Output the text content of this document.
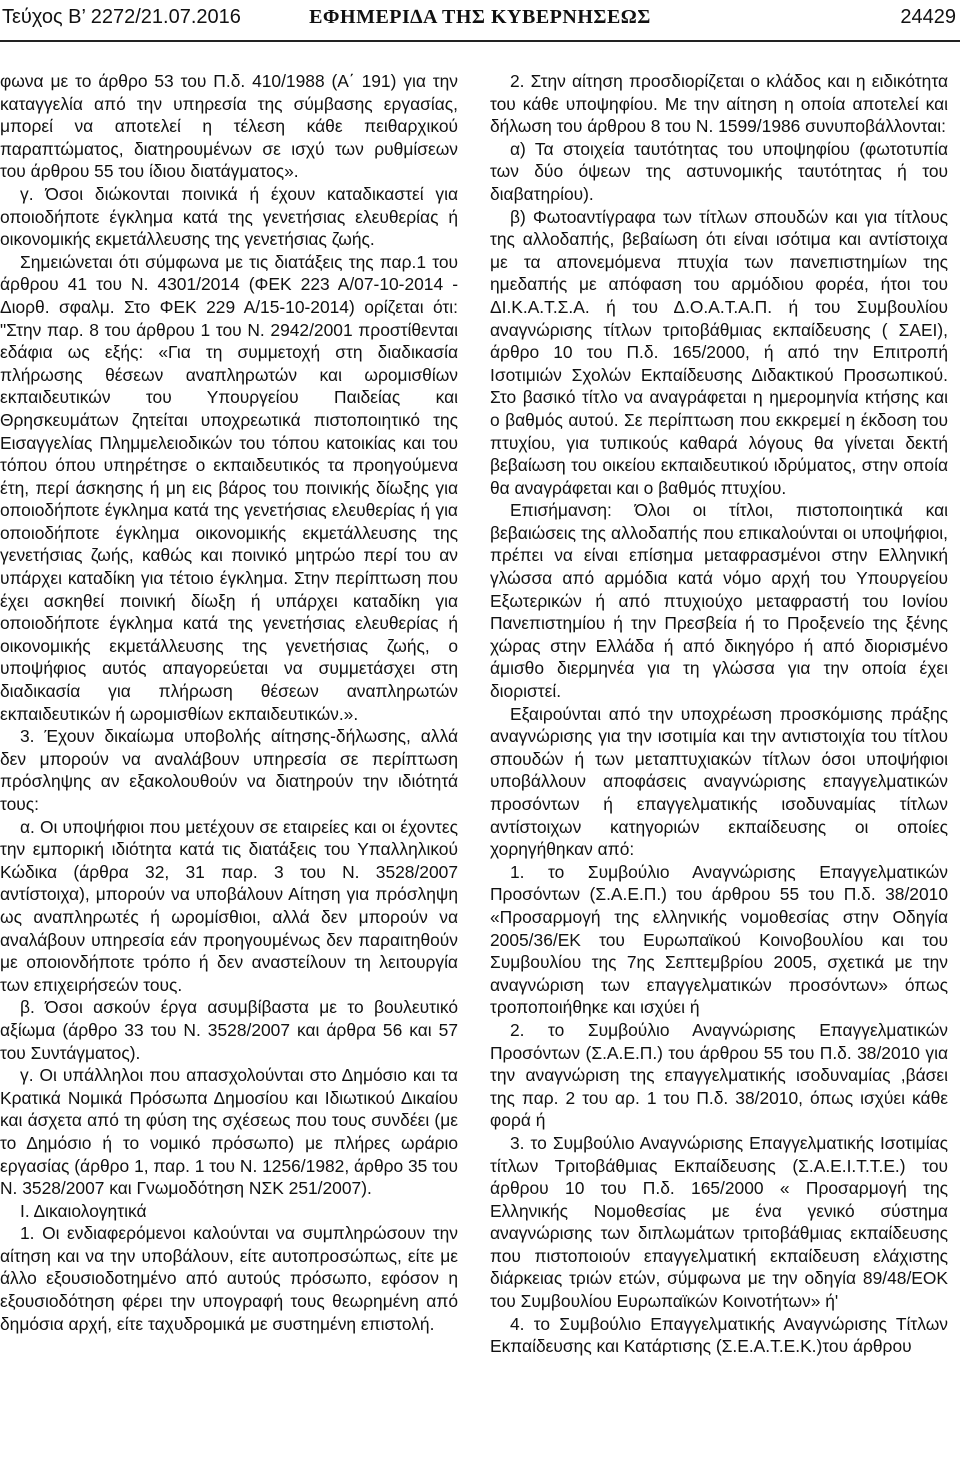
Τεύχος Β’ 2272/21.07.2016	ΕΦΗΜΕΡΙ∆Α ΤΗΣ ΚΥΒΕΡΝΗΣΕΩΣ	24429

φωνα με το άρθρο 53 του Π.δ. 410/1988 (Α΄ 191) για την καταγγελία από την υπηρεσία της σύμβασης εργασίας, μπορεί να αποτελεί η τέλεση κάθε πειθαρχικού παραπτώματος, διατηρουμένων σε ισχύ των ρυθμίσεων του άρθρου 55 του ίδιου διατάγματος».

γ. Όσοι διώκονται ποινικά ή έχουν καταδικαστεί για οποιοδήποτε έγκλημα κατά της γενετήσιας ελευθερίας ή οικονομικής εκμετάλλευσης της γενετήσιας ζωής.

Σημειώνεται ότι σύμφωνα με τις διατάξεις της παρ.1 του άρθρου 41 του Ν. 4301/2014 (ΦΕΚ 223 Α/07-10-2014 - Διορθ. σφαλμ. Στο ΦΕΚ 229 Α/15-10-2014) ορίζεται ότι: "Στην παρ. 8 του άρθρου 1 του Ν. 2942/2001 προστίθενται εδάφια ως εξής: «Για τη συμμετοχή στη διαδικασία πλήρωσης θέσεων αναπληρωτών και ωρομισθίων εκπαιδευτικών του Υπουργείου Παιδείας και Θρησκευμάτων ζητείται υποχρεωτικά πιστοποιητικό της Εισαγγελίας Πλημμελειοδικών του τόπου κατοικίας και του τόπου όπου υπηρέτησε ο εκπαιδευτικός τα προηγούμενα έτη, περί άσκησης ή μη εις βάρος του ποινικής δίωξης για οποιοδήποτε έγκλημα κατά της γενετήσιας ελευθερίας ή για οποιοδήποτε έγκλημα οικονομικής εκμετάλλευσης της γενετήσιας ζωής, καθώς και ποινικό μητρώο περί του αν υπάρχει καταδίκη για τέτοιο έγκλημα. Στην περίπτωση που έχει ασκηθεί ποινική δίωξη ή υπάρχει καταδίκη για οποιοδήποτε έγκλημα κατά της γενετήσιας ελευθερίας ή οικονομικής εκμετάλλευσης της γενετήσιας ζωής, ο υποψήφιος αυτός απαγορεύεται να συμμετάσχει στη διαδικασία για πλήρωση θέσεων αναπληρωτών εκπαιδευτικών ή ωρομισθίων εκπαιδευτικών.».

3. Έχουν δικαίωμα υποβολής αίτησης-δήλωσης, αλλά δεν μπορούν να αναλάβουν υπηρεσία σε περίπτωση πρόσληψης αν εξακολουθούν να διατηρούν την ιδιότητά τους:

α. Οι υποψήφιοι που μετέχουν σε εταιρείες και οι έχοντες την εμπορική ιδιότητα κατά τις διατάξεις του Υπαλληλικού Κώδικα (άρθρα 32, 31 παρ. 3 του Ν. 3528/2007 αντίστοιχα), μπορούν να υποβάλουν Αίτηση για πρόσληψη ως αναπληρωτές ή ωρομίσθιοι, αλλά δεν μπορούν να αναλάβουν υπηρεσία εάν προηγουμένως δεν παραιτηθούν με οποιονδήποτε τρόπο ή δεν αναστείλουν τη λειτουργία των επιχειρήσεών τους.

β. Όσοι ασκούν έργα ασυμβίβαστα με το βουλευτικό αξίωμα (άρθρο 33 του Ν. 3528/2007 και άρθρα 56 και 57 του Συντάγματος).

γ. Οι υπάλληλοι που απασχολούνται στο Δημόσιο και τα Κρατικά Νομικά Πρόσωπα Δημοσίου και Ιδιωτικού Δικαίου και άσχετα από τη φύση της σχέσεως που τους συνδέει (με το Δημόσιο ή το νομικό πρόσωπο) με πλήρες ωράριο εργασίας (άρθρο 1, παρ. 1 του Ν. 1256/1982, άρθρο 35 του Ν. 3528/2007 και Γνωμοδότηση ΝΣΚ 251/2007).

Ι. Δικαιολογητικά

1. Οι ενδιαφερόμενοι καλούνται να συμπληρώσουν την αίτηση και να την υποβάλουν, είτε αυτοπροσώπως, είτε με άλλο εξουσιοδοτημένο από αυτούς πρόσωπο, εφόσον η εξουσιοδότηση φέρει την υπογραφή τους θεωρημένη από δημόσια αρχή, είτε ταχυδρομικά με συστημένη επιστολή.

2. Στην αίτηση προσδιορίζεται ο κλάδος και η ειδικότητα του κάθε υποψηφίου. Με την αίτηση η οποία αποτελεί και δήλωση του άρθρου 8 του Ν. 1599/1986 συνυποβάλλονται:

α) Τα στοιχεία ταυτότητας του υποψηφίου (φωτοτυπία των δύο όψεων της αστυνομικής ταυτότητας ή του διαβατηρίου).

β) Φωτοαντίγραφα των τίτλων σπουδών και για τίτλους της αλλοδαπής, βεβαίωση ότι είναι ισότιμα και αντίστοιχα με τα απονεμόμενα πτυχία των πανεπιστημίων της ημεδαπής με απόφαση του αρμόδιου φορέα, ήτοι του ΔΙ.Κ.Α.Τ.Σ.Α. ή του Δ.Ο.Α.Τ.Α.Π. ή του Συμβουλίου αναγνώρισης τίτλων τριτοβάθμιας εκπαίδευσης ( ΣΑΕΙ), άρθρο 10 του Π.δ. 165/2000, ή από την Επιτροπή Ισοτιμιών Σχολών Εκπαίδευσης Διδακτικού Προσωπικού. Στο βασικό τίτλο να αναγράφεται η ημερομηνία κτήσης και ο βαθμός αυτού. Σε περίπτωση που εκκρεμεί η έκδοση του πτυχίου, για τυπικούς καθαρά λόγους θα γίνεται δεκτή βεβαίωση του οικείου εκπαιδευτικού ιδρύματος, στην οποία θα αναγράφεται και ο βαθμός πτυχίου.

Επισήμανση: Όλοι οι τίτλοι, πιστοποιητικά και βεβαιώσεις της αλλοδαπής που επικαλούνται οι υποψήφιοι, πρέπει να είναι επίσημα μεταφρασμένοι στην Ελληνική γλώσσα από αρμόδια κατά νόμο αρχή του Υπουργείου Εξωτερικών ή από πτυχιούχο μεταφραστή του Ιονίου Πανεπιστημίου ή την Πρεσβεία ή το Προξενείο της ξένης χώρας στην Ελλάδα ή από δικηγόρο ή από διορισμένο άμισθο διερμηνέα για τη γλώσσα για την οποία έχει διοριστεί.

Εξαιρούνται από την υποχρέωση προσκόμισης πράξης αναγνώρισης για την ισοτιμία και την αντιστοιχία του τίτλου σπουδών ή των μεταπτυχιακών τίτλων όσοι υποψήφιοι υποβάλλουν αποφάσεις αναγνώρισης επαγγελματικών προσόντων ή επαγγελματικής ισοδυναμίας τίτλων αντίστοιχων κατηγοριών εκπαίδευσης οι οποίες χορηγήθηκαν από:

1. το Συμβούλιο Αναγνώρισης Επαγγελματικών Προσόντων (Σ.Α.Ε.Π.) του άρθρου 55 του Π.δ. 38/2010 «Προσαρμογή της ελληνικής νομοθεσίας στην Οδηγία 2005/36/ΕΚ του Ευρωπαϊκού Κοινοβουλίου και του Συμβουλίου της 7ης Σεπτεμβρίου 2005, σχετικά με την αναγνώριση των επαγγελματικών προσόντων» όπως τροποποιήθηκε και ισχύει ή

2. το Συμβούλιο Αναγνώρισης Επαγγελματικών Προσόντων (Σ.Α.Ε.Π.) του άρθρου 55 του Π.δ. 38/2010 για την αναγνώριση της επαγγελματικής ισοδυναμίας ,βάσει της παρ. 2 του αρ. 1 του Π.δ. 38/2010, όπως ισχύει κάθε φορά ή

3. το Συμβούλιο Αναγνώρισης Επαγγελματικής Ισοτιμίας τίτλων Τριτοβάθμιας Εκπαίδευσης (Σ.Α.Ε.Ι.Τ.Τ.Ε.) του άρθρου 10 του Π.δ. 165/2000 « Προσαρμογή της Ελληνικής Νομοθεσίας με ένα γενικό σύστημα αναγνώρισης των διπλωμάτων τριτοβάθμιας εκπαίδευσης που πιστοποιούν επαγγελματική εκπαίδευση ελάχιστης διάρκειας τριών ετών, σύμφωνα με την οδηγία 89/48/ΕΟΚ του Συμβουλίου Ευρωπαϊκών Κοινοτήτων» ή'

4. το Συμβούλιο Επαγγελματικής Αναγνώρισης Τίτλων Εκπαίδευσης και Κατάρτισης (Σ.Ε.Α.Τ.Ε.Κ.)του άρθρου
